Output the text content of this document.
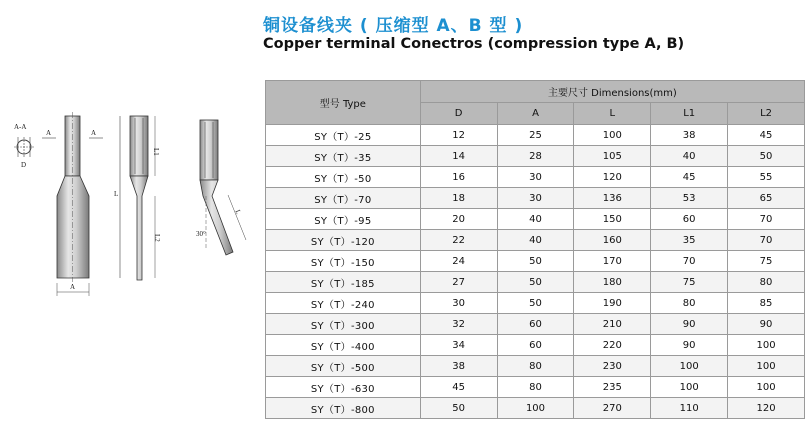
铜设备线夹 ( 压缩型 A、B 型 )
Copper terminal Conectros (compression type A, B)
A-A
D
A	A
A
L
L1
L2	30°
L
型号 Type	主要尺寸 Dimensions(mm)				
	D	A	L	L1	L2
SY（T）-25	12	25	100	38	45
SY（T）-35	14	28	105	40	50
SY（T）-50	16	30	120	45	55
SY（T）-70	18	30	136	53	65
SY（T）-95	20	40	150	60	70
SY（T）-120	22	40	160	35	70
SY（T）-150	24	50	170	70	75
SY（T）-185	27	50	180	75	80
SY（T）-240	30	50	190	80	85
SY（T）-300	32	60	210	90	90
SY（T）-400	34	60	220	90	100
SY（T）-500	38	80	230	100	100
SY（T）-630	45	80	235	100	100
SY（T）-800	50	100	270	110	120
